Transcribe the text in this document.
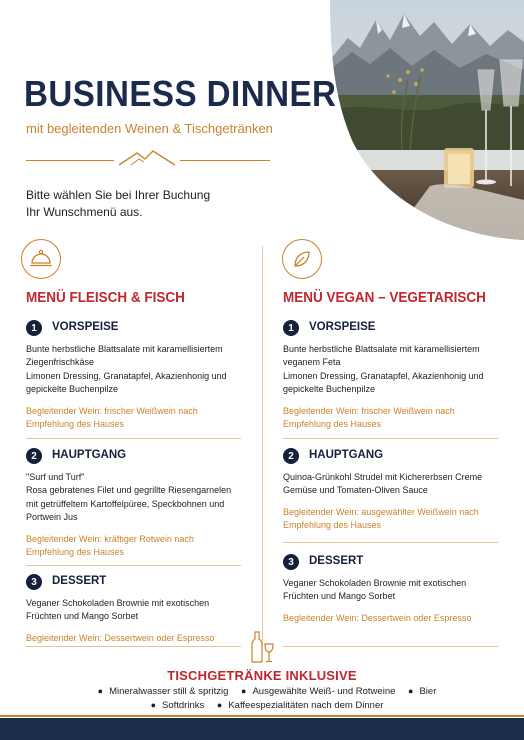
BUSINESS DINNER
mit begleitenden Weinen & Tischgetränken
Bitte wählen Sie bei Ihrer Buchung
Ihr Wunschmenü aus.
MENÜ FLEISCH & FISCH
1	VORSPEISE
Bunte herbstliche Blattsalate mit karamellisiertem
Ziegenfrischkäse
Limonen Dressing, Granatapfel, Akazienhonig und
gepickelte Buchenpilze
Begleitender Wein: frischer Weißwein nach
Empfehlung des Hauses
2	HAUPTGANG
"Surf und Turf"
Rosa gebratenes Filet und gegrillte Riesengarnelen
mit getrüffeltem Kartoffelpüree, Speckbohnen und
Portwein Jus
Begleitender Wein: kräftiger Rotwein nach
Empfehlung des Hauses
3	DESSERT
Veganer Schokoladen Brownie mit exotischen
Früchten und Mango Sorbet
Begleitender Wein: Dessertwein oder Espresso
MENÜ VEGAN – VEGETARISCH
1	VORSPEISE
Bunte herbstliche Blattsalate mit karamellisiertem
veganem Feta
Limonen Dressing, Granatapfel, Akazienhonig und
gepickelte Buchenpilze
Begleitender Wein: frischer Weißwein nach
Empfehlung des Hauses
2	HAUPTGANG
Quinoa-Grünkohl Strudel mit Kichererbsen Creme
Gemüse und Tomaten-Oliven Sauce
Begleitender Wein: ausgewählter Weißwein nach
Empfehlung des Hauses
3	DESSERT
Veganer Schokoladen Brownie mit exotischen
Früchten und Mango Sorbet
Begleitender Wein: Dessertwein oder Espresso
TISCHGETRÄNKE INKLUSIVE
● Mineralwasser still & spritzig ● Ausgewählte Weiß- und Rotweine ● Bier
● Softdrinks ● Kaffeespezialitäten nach dem Dinner
